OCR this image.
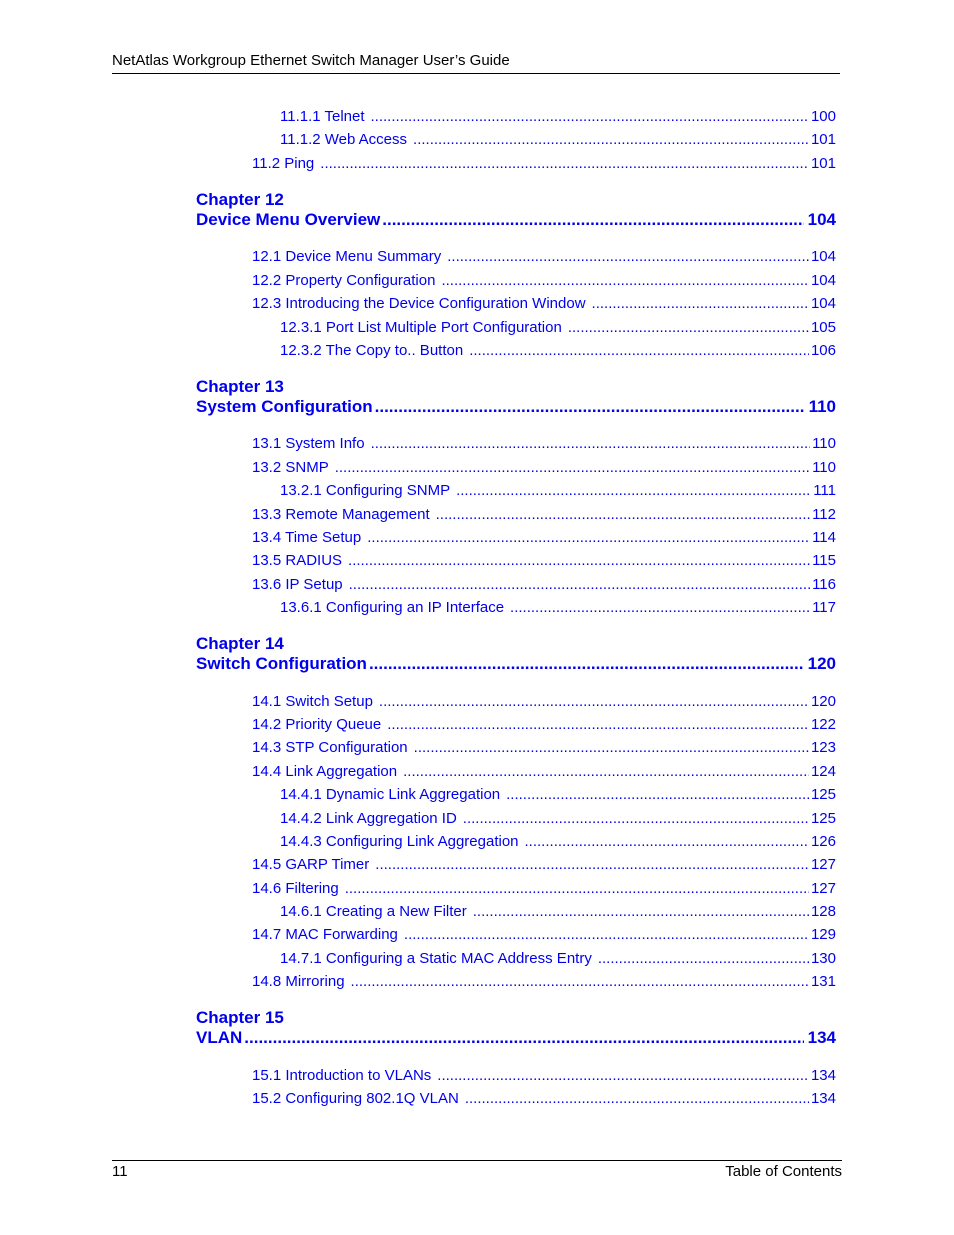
NetAtlas Workgroup Ethernet Switch Manager User’s Guide
11.1.1 Telnet .....	100
11.1.2 Web Access .....	101
11.2 Ping .....	101
Chapter 12
Device Menu Overview .....	104
12.1 Device Menu Summary .....	104
12.2 Property Configuration .....	104
12.3 Introducing the Device Configuration Window .....	104
12.3.1 Port List Multiple Port Configuration .....	105
12.3.2 The Copy to.. Button .....	106
Chapter 13
System Configuration .....	110
13.1 System Info .....	110
13.2 SNMP .....	110
13.2.1 Configuring SNMP .....	111
13.3 Remote Management .....	112
13.4 Time Setup .....	114
13.5 RADIUS .....	115
13.6 IP Setup .....	116
13.6.1 Configuring an IP Interface .....	117
Chapter 14
Switch Configuration .....	120
14.1 Switch Setup .....	120
14.2 Priority Queue .....	122
14.3 STP Configuration .....	123
14.4 Link Aggregation .....	124
14.4.1 Dynamic Link Aggregation .....	125
14.4.2 Link Aggregation ID .....	125
14.4.3 Configuring Link Aggregation .....	126
14.5 GARP Timer .....	127
14.6 Filtering .....	127
14.6.1 Creating a New Filter .....	128
14.7 MAC Forwarding .....	129
14.7.1 Configuring a Static MAC Address Entry .....	130
14.8 Mirroring .....	131
Chapter 15
VLAN .....	134
15.1 Introduction to VLANs .....	134
15.2 Configuring 802.1Q VLAN .....	134
11	Table of Contents
